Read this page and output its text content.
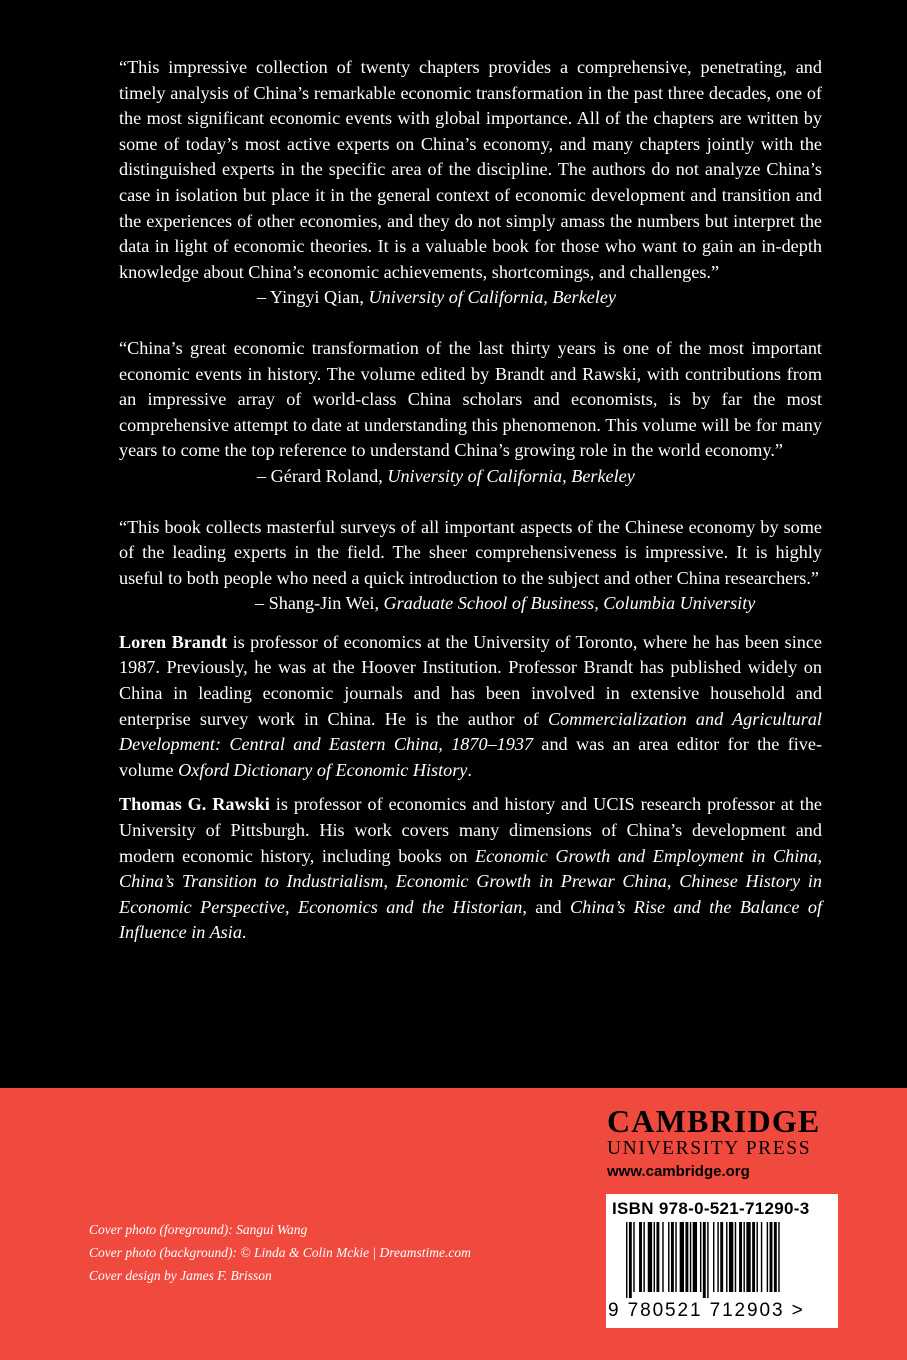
“This impressive collection of twenty chapters provides a comprehensive, penetrating, and timely analysis of China’s remarkable economic transformation in the past three decades, one of the most significant economic events with global importance. All of the chapters are written by some of today’s most active experts on China’s economy, and many chapters jointly with the distinguished experts in the specific area of the discipline. The authors do not analyze China’s case in isolation but place it in the general context of economic development and transition and the experiences of other economies, and they do not simply amass the numbers but interpret the data in light of economic theories. It is a valuable book for those who want to gain an in-depth knowledge about China’s economic achievements, shortcomings, and challenges.”

– Yingyi Qian, University of California, Berkeley

“China’s great economic transformation of the last thirty years is one of the most important economic events in history. The volume edited by Brandt and Rawski, with contributions from an impressive array of world-class China scholars and economists, is by far the most comprehensive attempt to date at understanding this phenomenon. This volume will be for many years to come the top reference to understand China’s growing role in the world economy.”

– Gérard Roland, University of California, Berkeley

“This book collects masterful surveys of all important aspects of the Chinese economy by some of the leading experts in the field. The sheer comprehensiveness is impressive. It is highly useful to both people who need a quick introduction to the subject and other China researchers.”

– Shang-Jin Wei, Graduate School of Business, Columbia University

Loren Brandt is professor of economics at the University of Toronto, where he has been since 1987. Previously, he was at the Hoover Institution. Professor Brandt has published widely on China in leading economic journals and has been involved in extensive household and enterprise survey work in China. He is the author of Commercialization and Agricultural Development: Central and Eastern China, 1870–1937 and was an area editor for the five-volume Oxford Dictionary of Economic History.

Thomas G. Rawski is professor of economics and history and UCIS research professor at the University of Pittsburgh. His work covers many dimensions of China’s development and modern economic history, including books on Economic Growth and Employment in China, China’s Transition to Industrialism, Economic Growth in Prewar China, Chinese History in Economic Perspective, Economics and the Historian, and China’s Rise and the Balance of Influence in Asia.

CAMBRIDGE
UNIVERSITY PRESS
www.cambridge.org
ISBN 978-0-521-71290-3
9 780521 712903 >
Cover photo (foreground): Sangui Wang
Cover photo (background): © Linda & Colin Mckie | Dreamstime.com
Cover design by James F. Brisson
